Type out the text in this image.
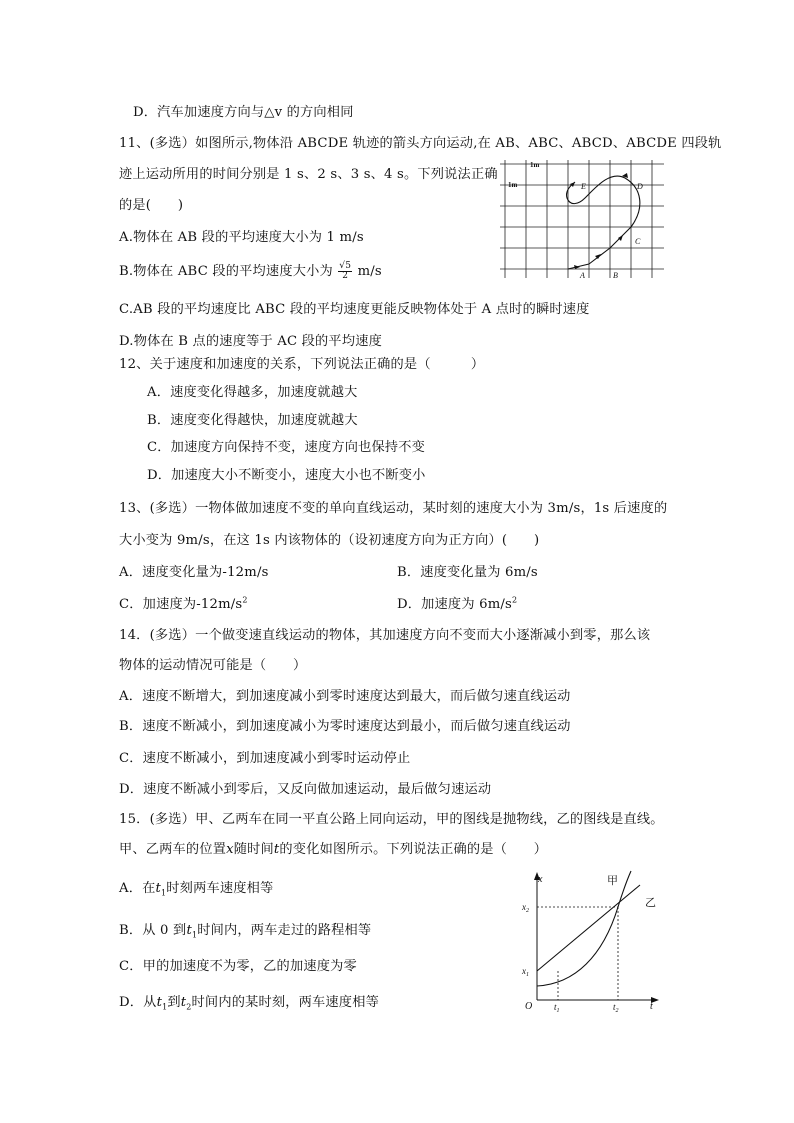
D．汽车加速度方向与△v 的方向相同
11、(多选）如图所示,物体沿 ABCDE 轨迹的箭头方向运动,在 AB、ABC、ABCD、ABCDE 四段轨
迹上运动所用的时间分别是 1 s、2 s、3 s、4 s。下列说法正确
的是(　　)
A.物体在 AB 段的平均速度大小为 1 m/s
B.物体在 ABC 段的平均速度大小为 $\frac{√5}{2} m/s$
C.AB 段的平均速度比 ABC 段的平均速度更能反映物体处于 A 点时的瞬时速度
D.物体在 B 点的速度等于 AC 段的平均速度
1m
1m
A	B
C
D
E
12、关于速度和加速度的关系，下列说法正确的是（　　　）
A．速度变化得越多，加速度就越大
B．速度变化得越快，加速度就越大
C．加速度方向保持不变，速度方向也保持不变
D．加速度大小不断变小，速度大小也不断变小
13、(多选）一物体做加速度不变的单向直线运动，某时刻的速度大小为 3m/s，1s 后速度的
大小变为 9m/s，在这 1s 内该物体的（设初速度方向为正方向）(　　)
A．速度变化量为-12m/s	B．速度变化量为 6m/s
C．加速度为$-12m/s^2$	D．加速度为 $6m/s^2$
14．(多选）一个做变速直线运动的物体，其加速度方向不变而大小逐渐减小到零，那么该
物体的运动情况可能是（　　）
A．速度不断增大，到加速度减小到零时速度达到最大，而后做匀速直线运动
B．速度不断减小，到加速度减小为零时速度达到最小，而后做匀速直线运动
C．速度不断减小，到加速度减小到零时运动停止
D．速度不断减小到零后，又反向做加速运动，最后做匀速运动
15．(多选）甲、乙两车在同一平直公路上同向运动，甲的图线是抛物线，乙的图线是直线。
甲、乙两车的位置x随时间t的变化如图所示。下列说法正确的是（　　）
A．在$t_1$时刻两车速度相等
B．从 0 到$t_1$时间内，两车走过的路程相等
C．甲的加速度不为零，乙的加速度为零
D．从$t_1$到$t_2$时间内的某时刻，两车速度相等
x
t
O
$x_2$
$x_1$
$t_1$	$t_2$
甲
乙
